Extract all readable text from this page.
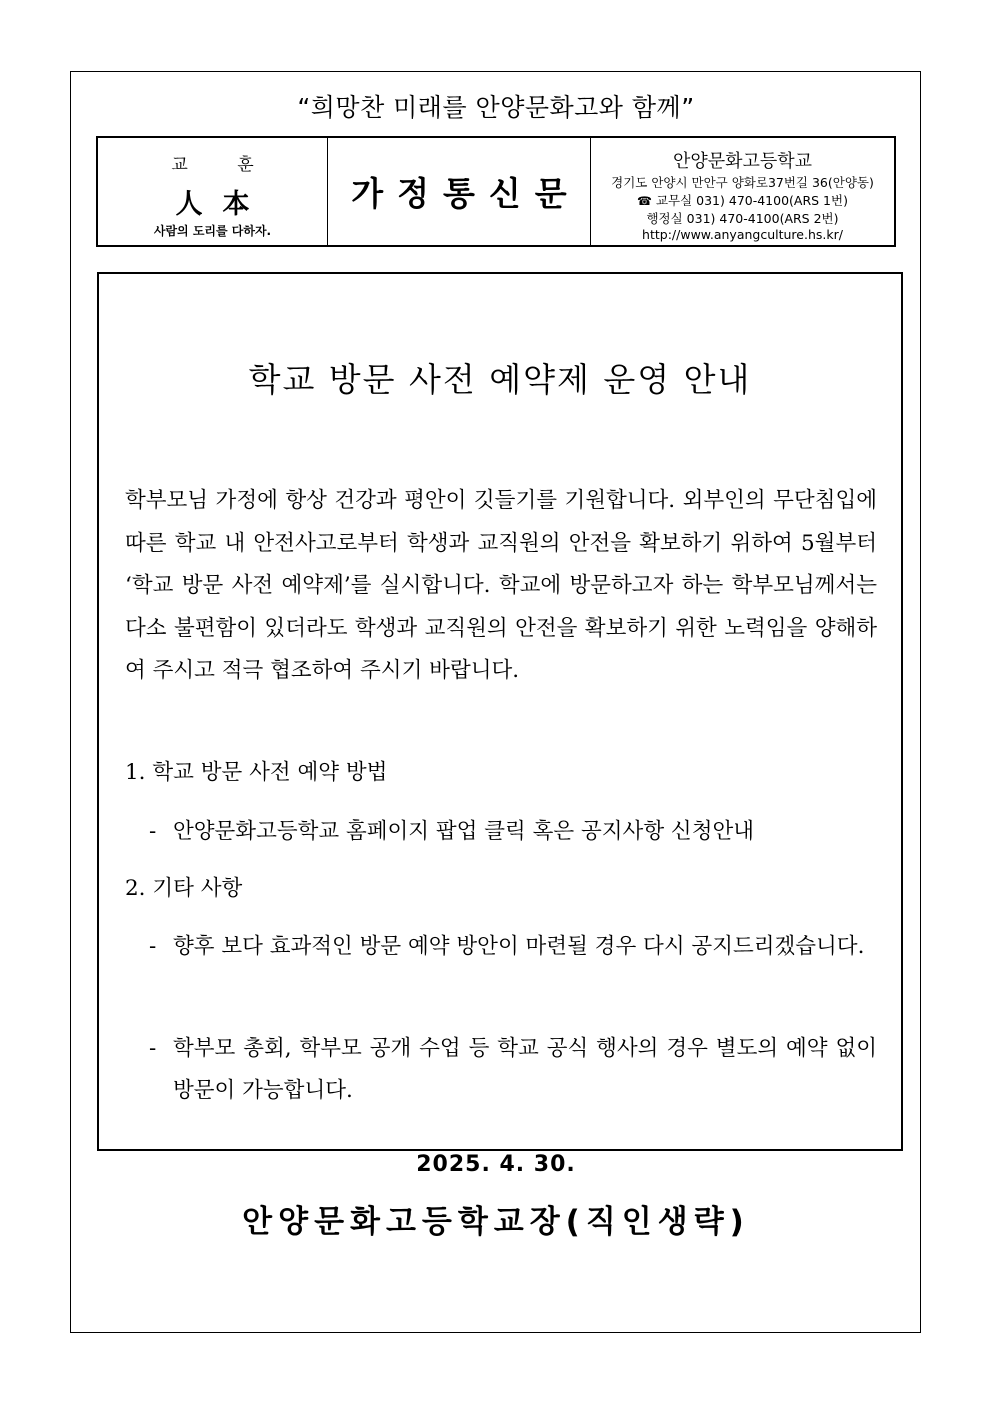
“희망찬 미래를 안양문화고와 함께”
교 훈
人本
사람의 도리를 다하자.
가정통신문
안양문화고등학교
경기도 안양시 만안구 양화로37번길 36(안양동)
☎ 교무실 031) 470-4100(ARS 1번)
행정실 031) 470-4100(ARS 2번)
http://www.anyangculture.hs.kr/
학교 방문 사전 예약제 운영 안내
학부모님 가정에 항상 건강과 평안이 깃들기를 기원합니다. 외부인의 무단침입에 따른 학교 내 안전사고로부터 학생과 교직원의 안전을 확보하기 위하여 5월부터 ‘학교 방문 사전 예약제’를 실시합니다. 학교에 방문하고자 하는 학부모님께서는 다소 불편함이 있더라도 학생과 교직원의 안전을 확보하기 위한 노력임을 양해하여 주시고 적극 협조하여 주시기 바랍니다.
1. 학교 방문 사전 예약 방법
- 안양문화고등학교 홈페이지 팝업 클릭 혹은 공지사항 신청안내
2. 기타 사항
- 향후 보다 효과적인 방문 예약 방안이 마련될 경우 다시 공지드리겠습니다.
- 학부모 총회, 학부모 공개 수업 등 학교 공식 행사의 경우 별도의 예약 없이 방문이 가능합니다.
2025. 4. 30.
안양문화고등학교장(직인생략)
